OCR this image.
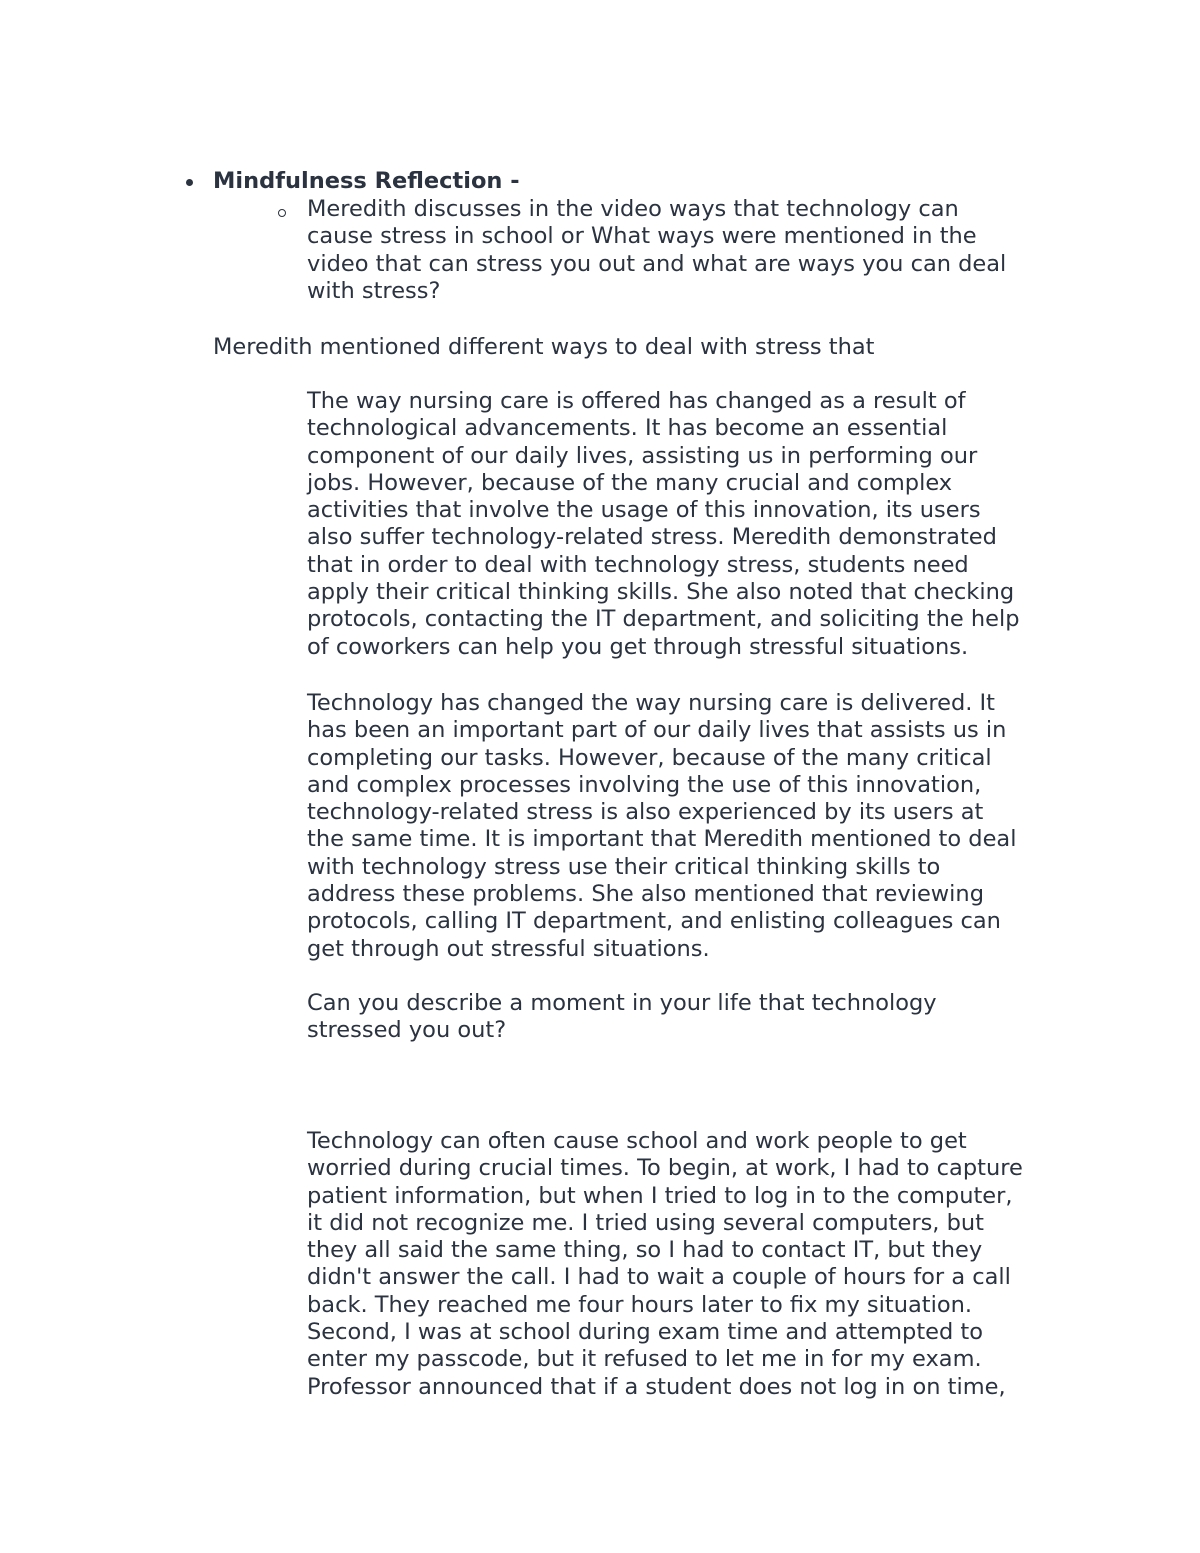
Mindfulness Reflection -
Meredith discusses in the video ways that technology can
cause stress in school or What ways were mentioned in the
video that can stress you out and what are ways you can deal
with stress?
Meredith mentioned different ways to deal with stress that
The way nursing care is offered has changed as a result of
technological advancements. It has become an essential
component of our daily lives, assisting us in performing our
jobs. However, because of the many crucial and complex
activities that involve the usage of this innovation, its users
also suffer technology-related stress. Meredith demonstrated
that in order to deal with technology stress, students need
apply their critical thinking skills. She also noted that checking
protocols, contacting the IT department, and soliciting the help
of coworkers can help you get through stressful situations.
Technology has changed the way nursing care is delivered. It
has been an important part of our daily lives that assists us in
completing our tasks. However, because of the many critical
and complex processes involving the use of this innovation,
technology-related stress is also experienced by its users at
the same time. It is important that Meredith mentioned to deal
with technology stress use their critical thinking skills to
address these problems. She also mentioned that reviewing
protocols, calling IT department, and enlisting colleagues can
get through out stressful situations.
Can you describe a moment in your life that technology
stressed you out?
Technology can often cause school and work people to get
worried during crucial times. To begin, at work, I had to capture
patient information, but when I tried to log in to the computer,
it did not recognize me. I tried using several computers, but
they all said the same thing, so I had to contact IT, but they
didn't answer the call. I had to wait a couple of hours for a call
back. They reached me four hours later to fix my situation.
Second, I was at school during exam time and attempted to
enter my passcode, but it refused to let me in for my exam.
Professor announced that if a student does not log in on time,
